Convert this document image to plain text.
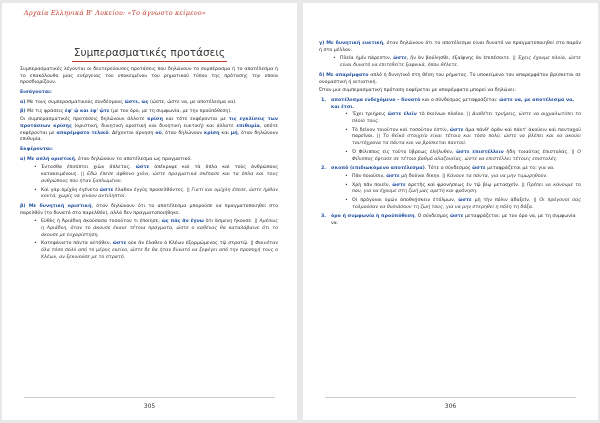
Αρχαία Ελληνικά Β' Λυκείου: «Το άγνωστο κείμενο»
Συμπερασματικές προτάσεις

Συμπερασματικές λέγονται οι δευτερεύουσες προτάσεις που δηλώνουν το συμπέρασμα ή το αποτέλεσμα ή το επακόλουθο μιας ενέργειας του υποκειμένου του ρηματικού τύπου της πρότασης την οποία προσδιορίζουν.

Εισάγονται:

α) Με τους συμπερασματικούς συνδέσμους ὥστε, ὡς (ώστε, ώστε να, με αποτέλεσμα να).

β) Με τις φράσεις ἐφ' ᾧ και ἐφ' ᾧτε (με τον όρο, με τη συμφωνία, με την προϋπόθεση).

Οι συμπερασματικές προτάσεις δηλώνουν άλλοτε κρίση και τότε εκφέρονται με τις εγκλίσεις των προτάσεων κρίσης (οριστική, δυνητική οριστική και δυνητική ευκτική) και άλλοτε επιθυμία, οπότε εκφέρονται με απαρέμφατο τελικό. Δέχονται άρνηση οὐ, όταν δηλώνουν κρίση και μή, όταν δηλώνουν επιθυμία.

Εκφέρονται:

α) Με απλή οριστική, όταν δηλώνουν το αποτέλεσμα ως πραγματικό.

• Έντοσθα έπιπίπτει χιὼν ἄπλετος, ὥστε ἀπέκρυψε καὶ τὰ ὅπλα καὶ τοὺς ἀνθρώπους κατακειμένους. || Εδώ έπεσε άφθονο χιόνι, ώστε πραγματικά σκέπασε και τα όπλα και τους ανθρώπους που ήταν ξαπλωμένοι.
• Καὶ γὰρ ὁμίχλη ἐγένετο ὥστε ἔλαθον ἐγγὺς προσελθόντες. || Γιατί και ομίχλη έπεσε, ώστε ήρθαν κοντά, χωρίς να γίνουν αντιληπτοί.

β) Με δυνητική οριστική, όταν δηλώνουν ότι το αποτέλεσμα μπορούσε να πραγματοποιηθεί στο παρελθόν (το δυνατό στο παρελθόν), αλλά δεν πραγματοποιήθηκε.

• Εὐθὺς ἡ Ἀριάδνη ἀκούσασα τοσοῦτον τι ἐποίησε, ὡς πᾶς ἂν ἔγνω ὅτι ἄσμενη ἤκουσε. || Αμέσως η Αριάδνη, όταν το άκουσε έκανε τέτοια πράγματα, ώστε ο καθένας θα καταλάβαινε ότι το άκουσε με ευχαρίστηση.
• Κατεφάνιετο πάντα αὐτόθεν, ὥστε οὐκ ἂν ἔλαθεν ὁ Κλέων ἐξορμώμενος τῷ στρατῷ. || Φαινόταν όλα τόσο πολύ από το μέρος εκείνο, ώστε δε θα ήταν δυνατό να ξεφύγει από την προσοχή τους ο Κλέων, αν ξεκινούσε με το στρατό.
305

γ) Με δυνητική ευκτική, όταν δηλώνουν ότι το αποτέλεσμα είναι δυνατό να πραγματοποιηθεί στο παρόν ή στο μέλλον.

• Πλεῖα ἡμῖν πάρεστιν, ὥστε, ἦν ἂν βούλησθε, ἐξαίφνης ἂν ἐπιπέσοιτε. || Έχεις έχουμε πλοία, ώστε είναι δυνατό να επιτεθείτε ξαφνικά, όπου θέλετε.

δ) Με απαρέμφατο απλό ή δυνητικό στη θέση του ρήματος. Το υποκείμενο του απαρεμφάτου βρίσκεται σε ονομαστική ή αιτιατική.

Όταν μια συμπερασματική πρόταση εκφέρεται με απαρέμφατο μπορεί να δηλώνει:

1. αποτέλεσμα ενδεχόμενο – δυνατό και ο σύνδεσμος μεταφράζεται: ώστε να, με αποτέλεσμα να, και έτσι.
• Ἔχει τριήρεις ὥστε ἑλεῖν τὸ ἐκείνων πλοῖον. || Διαθέτει τριήρεις, ώστε να αιχμαλωτίσει το πλοίο τους.
• Τὸ δεῖνον τοιοῦτον καὶ τοσοῦτον ἐστίν, ὥστε ἅμα πάνθ' ὁρᾶν καὶ πάντ' ἀκούειν καὶ πανταχοῦ παρεῖναι. || Το θεϊκό στοιχείο είναι τέτοιο και τόσο πολύ, ώστε να βλέπει και να ακούει ταυτόχρονα τα πάντα και να βρίσκεται παντού.
• Ὁ Φίλιππος εἰς τοῦτο ὕβρεως ἐλήλυθεν, ὥστε ἐπιστέλλειν ἤδη τοιαύτας ἐπιστολάς. || Ο Φίλιππος έφτασε σε τέτοιο βαθμό αλαζονείας, ώστε να επιστέλλει τέτοιες επιστολές.
2. σκοπό (επιδιωκόμενο αποτέλεσμα). Τότε ο σύνδεσμος ὥστε μεταφράζεται με το: για να.
• Πᾶν ποιοῦσιν, ὥστε μὴ δοῦναι δίκην. || Κάνουν τα πάντα, για να μην τιμωρηθούν.
• Χρὴ πᾶν ποιεῖν, ὥστε ἀρετῆς καὶ φρονήσεως ἐν τῷ βίῳ μετασχεῖν. || Πρέπει να κάνουμε το παν, για να έχουμε στη ζωή μας αρετή και φρόνηση.
• Οἱ πρόγονοι ὑμῶν ἀποθνῄσκειν ἐτόλμων, ὥστε μὴ τὴν πόλιν ἀδοξεῖν. || Οι πρόγονοί σας τολμούσαν να θυσιάσουν τη ζωή τους, για να μην στερηθεί η πόλη τη δόξα.
3. όρο ή συμφωνία ή προϋπόθεση. Ο σύνδεσμος ὥστε μεταφράζεται: με τον όρο να, με τη συμφωνία να.
306
